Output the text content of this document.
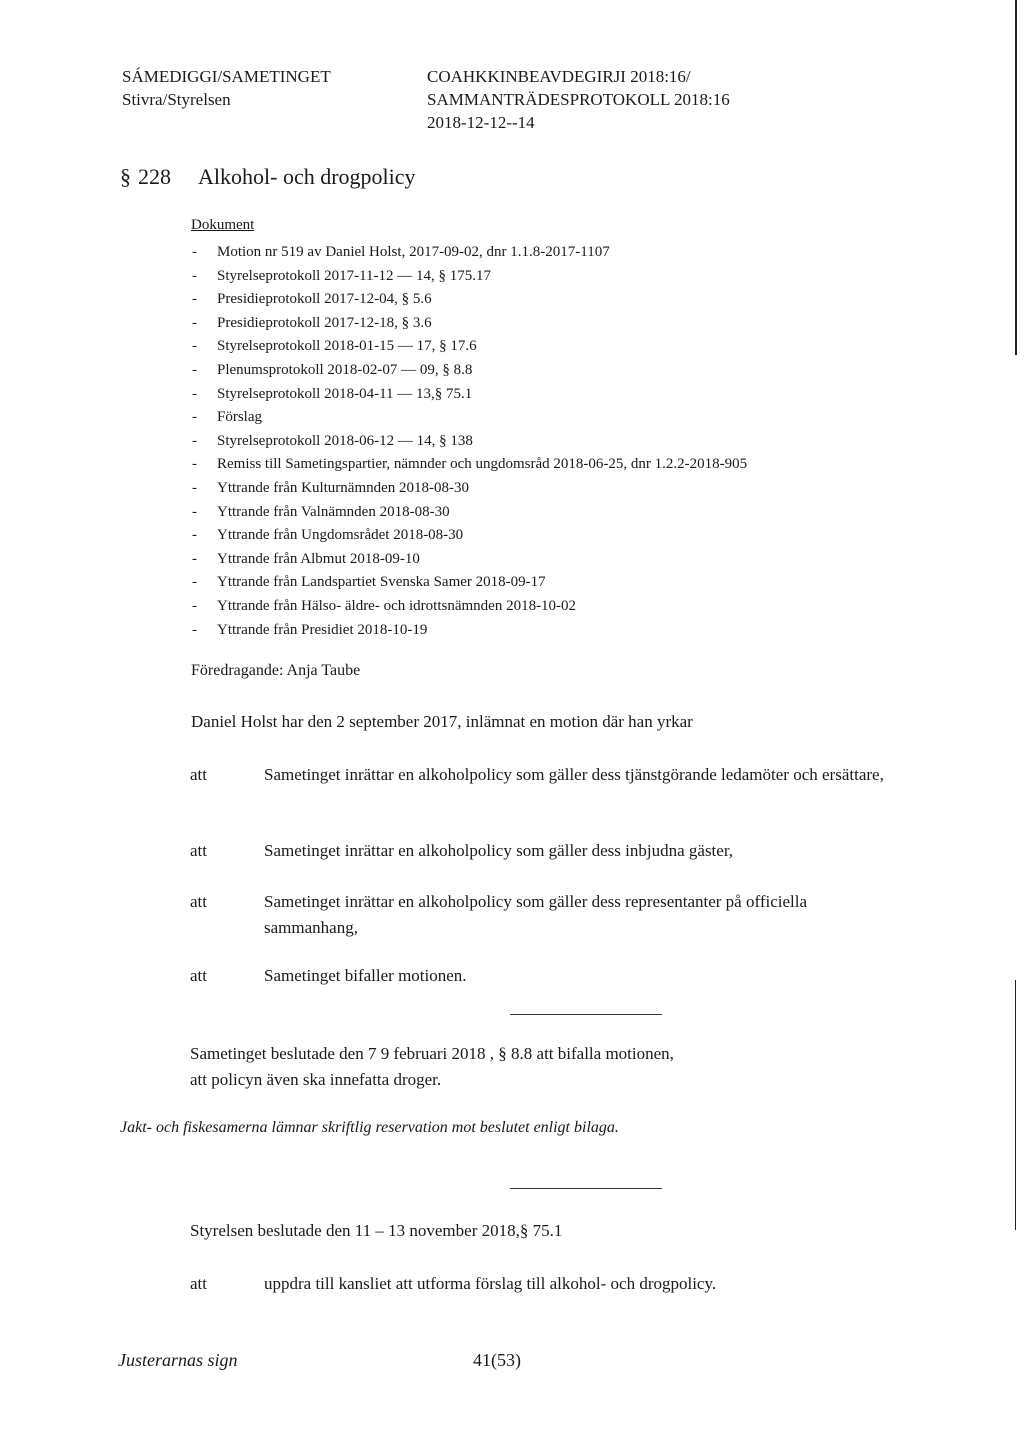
SÁMEDIGGI/SAMETINGET
Stivra/Styrelsen
COAHKKINBEAVDEGIRJI 2018:16/
SAMMANTRÄDESPROTOKOLL 2018:16
2018-12-12--14
§ 228 Alkohol- och drogpolicy
Dokument
- Motion nr 519 av Daniel Holst, 2017-09-02, dnr 1.1.8-2017-1107
- Styrelseprotokoll 2017-11-12 — 14, § 175.17
- Presidieprotokoll 2017-12-04, § 5.6
- Presidieprotokoll 2017-12-18, § 3.6
- Styrelseprotokoll 2018-01-15 — 17, § 17.6
- Plenumsprotokoll 2018-02-07 — 09, § 8.8
- Styrelseprotokoll 2018-04-11 — 13,§ 75.1
- Förslag
- Styrelseprotokoll 2018-06-12 — 14, § 138
- Remiss till Sametingspartier, nämnder och ungdomsråd 2018-06-25, dnr 1.2.2-2018-905
- Yttrande från Kulturnämnden 2018-08-30
- Yttrande från Valnämnden 2018-08-30
- Yttrande från Ungdomsrådet 2018-08-30
- Yttrande från Albmut 2018-09-10
- Yttrande från Landspartiet Svenska Samer 2018-09-17
- Yttrande från Hälso- äldre- och idrottsnämnden 2018-10-02
- Yttrande från Presidiet 2018-10-19
Föredragande: Anja Taube
Daniel Holst har den 2 september 2017, inlämnat en motion där han yrkar
att	Sametinget inrättar en alkoholpolicy som gäller dess tjänstgörande ledamöter och ersättare,
att	Sametinget inrättar en alkoholpolicy som gäller dess inbjudna gäster,
att	Sametinget inrättar en alkoholpolicy som gäller dess representanter på officiella sammanhang,
att	Sametinget bifaller motionen.
Sametinget beslutade den 7 9 februari 2018 , § 8.8 att bifalla motionen,
att policyn även ska innefatta droger.
Jakt- och fiskesamerna lämnar skriftlig reservation mot beslutet enligt bilaga.
Styrelsen beslutade den 11 – 13 november 2018,§ 75.1
att	uppdra till kansliet att utforma förslag till alkohol- och drogpolicy.
Justerarnas sign	41(53)
